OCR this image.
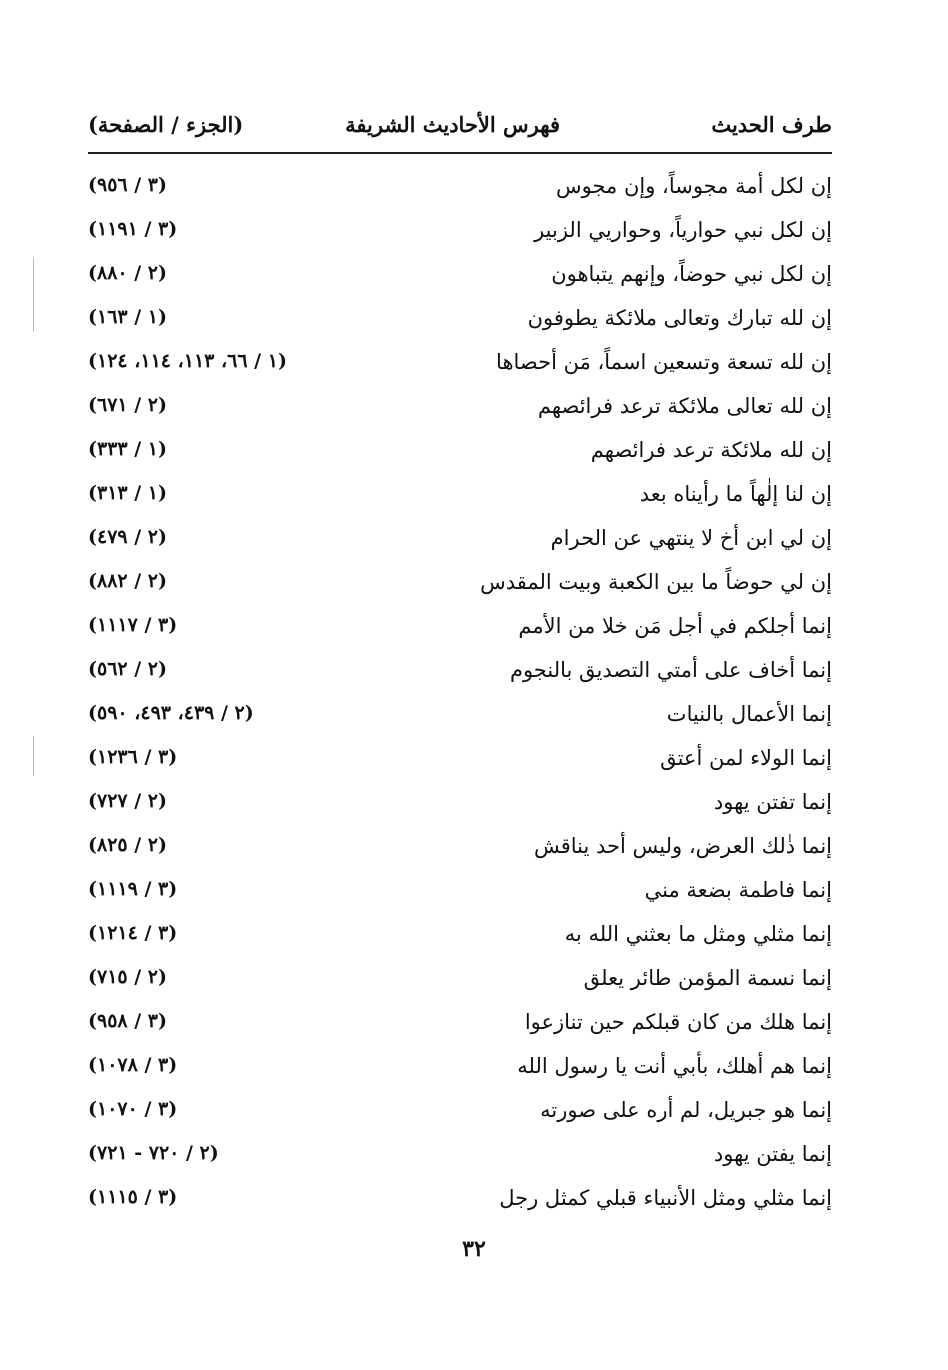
طرف الحديث
فهرس الأحاديث الشريفة
(الجزء / الصفحة)
إن لكل أمة مجوساً، وإن مجوس
(٣ / ٩٥٦)
إن لكل نبي حوارياً، وحواريي الزبير
(٣ / ١١٩١)
إن لكل نبي حوضاً، وإنهم يتباهون
(٢ / ٨٨٠)
إن لله تبارك وتعالى ملائكة يطوفون
(١ / ١٦٣)
إن لله تسعة وتسعين اسماً، مَن أحصاها
(١ / ٦٦، ١١٣، ١١٤، ١٢٤)
إن لله تعالى ملائكة ترعد فرائصهم
(٢ / ٦٧١)
إن لله ملائكة ترعد فرائصهم
(١ / ٣٣٣)
إن لنا إلٰهاً ما رأيناه بعد
(١ / ٣١٣)
إن لي ابن أخ لا ينتهي عن الحرام
(٢ / ٤٧٩)
إن لي حوضاً ما بين الكعبة وبيت المقدس
(٢ / ٨٨٢)
إنما أجلكم في أجل مَن خلا من الأمم
(٣ / ١١١٧)
إنما أخاف على أمتي التصديق بالنجوم
(٢ / ٥٦٢)
إنما الأعمال بالنيات
(٢ / ٤٣٩، ٤٩٣، ٥٩٠)
إنما الولاء لمن أعتق
(٣ / ١٢٣٦)
إنما تفتن يهود
(٢ / ٧٢٧)
إنما ذٰلك العرض، وليس أحد يناقش
(٢ / ٨٢٥)
إنما فاطمة بضعة مني
(٣ / ١١١٩)
إنما مثلي ومثل ما بعثني الله به
(٣ / ١٢١٤)
إنما نسمة المؤمن طائر يعلق
(٢ / ٧١٥)
إنما هلك من كان قبلكم حين تنازعوا
(٣ / ٩٥٨)
إنما هم أهلك، بأبي أنت يا رسول الله
(٣ / ١٠٧٨)
إنما هو جبريل، لم أره على صورته
(٣ / ١٠٧٠)
إنما يفتن يهود
(٢ / ٧٢٠ - ٧٢١)
إنما مثلي ومثل الأنبياء قبلي كمثل رجل
(٣ / ١١١٥)
٣٢
